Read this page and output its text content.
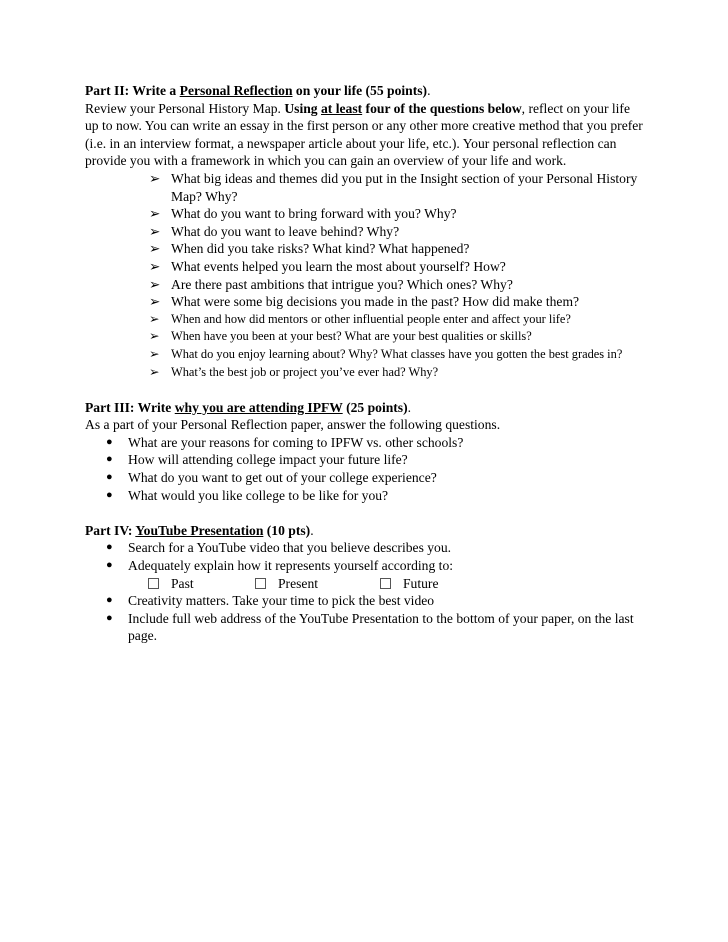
Part II: Write a Personal Reflection on your life (55 points).

Review your Personal History Map. Using at least four of the questions below, reflect on your life up to now. You can write an essay in the first person or any other more creative method that you prefer (i.e. in an interview format, a newspaper article about your life, etc.). Your personal reflection can provide you with a framework in which you can gain an overview of your life and work.

➢ What big ideas and themes did you put in the Insight section of your Personal History Map? Why?
➢ What do you want to bring forward with you? Why?
➢ What do you want to leave behind? Why?
➢ When did you take risks? What kind? What happened?
➢ What events helped you learn the most about yourself? How?
➢ Are there past ambitions that intrigue you? Which ones? Why?
➢ What were some big decisions you made in the past? How did make them?
➢ When and how did mentors or other influential people enter and affect your life?
➢ When have you been at your best? What are your best qualities or skills?
➢ What do you enjoy learning about? Why? What classes have you gotten the best grades in?
➢ What’s the best job or project you’ve ever had? Why?

Part III: Write why you are attending IPFW (25 points).

As a part of your Personal Reflection paper, answer the following questions.

● What are your reasons for coming to IPFW vs. other schools?
● How will attending college impact your future life?
● What do you want to get out of your college experience?
● What would you like college to be like for you?

Part IV: YouTube Presentation (10 pts).

● Search for a YouTube video that you believe describes you.
● Adequately explain how it represents yourself according to:
Past	Present	Future
● Creativity matters. Take your time to pick the best video
● Include full web address of the YouTube Presentation to the bottom of your paper, on the last page.
